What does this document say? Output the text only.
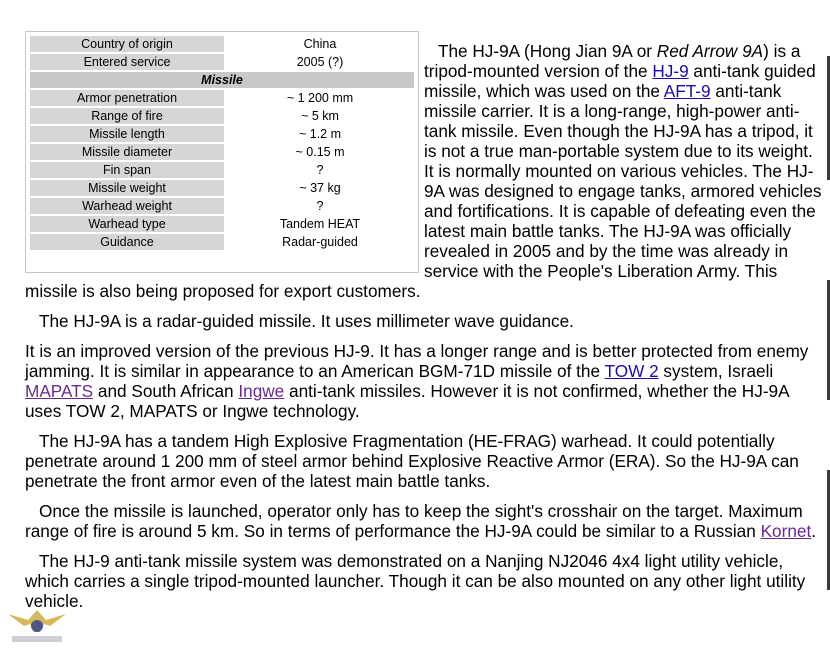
Country of origin	China
Entered service	2005 (?)
Missile	
Armor penetration	~ 1 200 mm
Range of fire	~ 5 km
Missile length	~ 1.2 m
Missile diameter	~ 0.15 m
Fin span	?
Missile weight	~ 37 kg
Warhead weight	?
Warhead type	Tandem HEAT
Guidance	Radar-guided

The HJ-9A (Hong Jian 9A or Red Arrow 9A) is a tripod-mounted version of the HJ-9 anti-tank guided missile, which was used on the AFT-9 anti-tank missile carrier. It is a long-range, high-power anti-tank missile. Even though the HJ-9A has a tripod, it is not a true man-portable system due to its weight. It is normally mounted on various vehicles. The HJ-9A was designed to engage tanks, armored vehicles and fortifications. It is capable of defeating even the latest main battle tanks. The HJ-9A was officially revealed in 2005 and by the time was already in service with the People's Liberation Army. This missile is also being proposed for export customers.

The HJ-9A is a radar-guided missile. It uses millimeter wave guidance.

It is an improved version of the previous HJ-9. It has a longer range and is better protected from enemy jamming. It is similar in appearance to an American BGM-71D missile of the TOW 2 system, Israeli MAPATS and South African Ingwe anti-tank missiles. However it is not confirmed, whether the HJ-9A uses TOW 2, MAPATS or Ingwe technology.

The HJ-9A has a tandem High Explosive Fragmentation (HE-FRAG) warhead. It could potentially penetrate around 1 200 mm of steel armor behind Explosive Reactive Armor (ERA). So the HJ-9A can penetrate the front armor even of the latest main battle tanks.

Once the missile is launched, operator only has to keep the sight's crosshair on the target. Maximum range of fire is around 5 km. So in terms of performance the HJ-9A could be similar to a Russian Kornet.

The HJ-9 anti-tank missile system was demonstrated on a Nanjing NJ2046 4x4 light utility vehicle, which carries a single tripod-mounted launcher. Though it can be also mounted on any other light utility vehicle.
